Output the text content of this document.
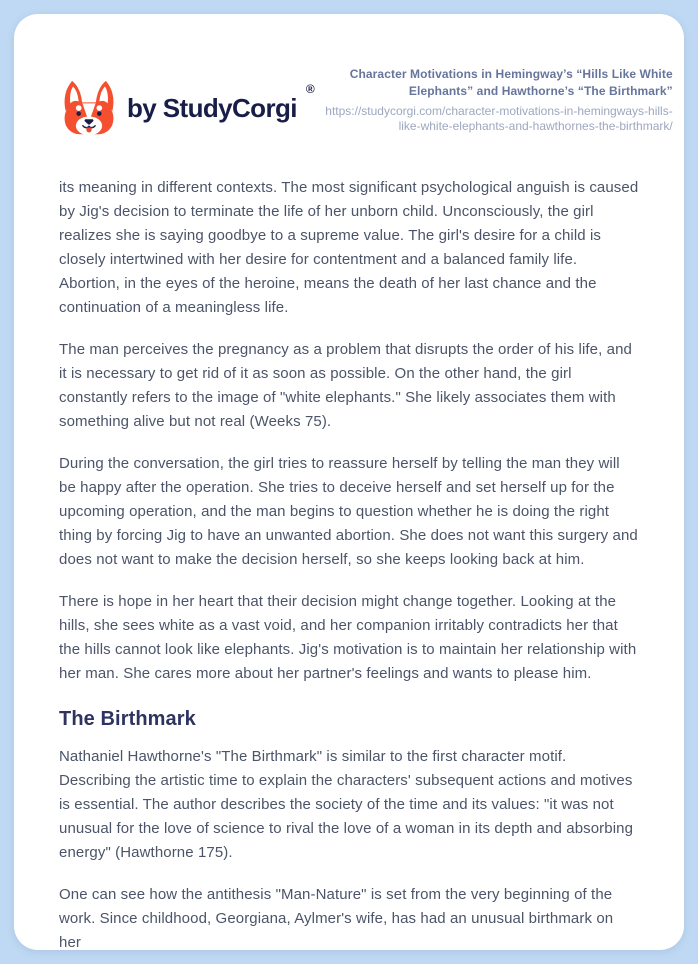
by StudyCorgi
®
Character Motivations in Hemingway’s “Hills Like White Elephants” and Hawthorne’s “The Birthmark”
https://studycorgi.com/character-motivations-in-hemingways-hills-like-white-elephants-and-hawthornes-the-birthmark/

its meaning in different contexts. The most significant psychological anguish is caused by Jig's decision to terminate the life of her unborn child. Unconsciously, the girl realizes she is saying goodbye to a supreme value. The girl's desire for a child is closely intertwined with her desire for contentment and a balanced family life. Abortion, in the eyes of the heroine, means the death of her last chance and the continuation of a meaningless life.

The man perceives the pregnancy as a problem that disrupts the order of his life, and it is necessary to get rid of it as soon as possible. On the other hand, the girl constantly refers to the image of "white elephants." She likely associates them with something alive but not real (Weeks 75).

During the conversation, the girl tries to reassure herself by telling the man they will be happy after the operation. She tries to deceive herself and set herself up for the upcoming operation, and the man begins to question whether he is doing the right thing by forcing Jig to have an unwanted abortion. She does not want this surgery and does not want to make the decision herself, so she keeps looking back at him.

There is hope in her heart that their decision might change together. Looking at the hills, she sees white as a vast void, and her companion irritably contradicts her that the hills cannot look like elephants. Jig's motivation is to maintain her relationship with her man. She cares more about her partner's feelings and wants to please him.

The Birthmark

Nathaniel Hawthorne's "The Birthmark" is similar to the first character motif. Describing the artistic time to explain the characters' subsequent actions and motives is essential. The author describes the society of the time and its values: "it was not unusual for the love of science to rival the love of a woman in its depth and absorbing energy" (Hawthorne 175).

One can see how the antithesis "Man-Nature" is set from the very beginning of the work. Since childhood, Georgiana, Aylmer's wife, has had an unusual birthmark on her
